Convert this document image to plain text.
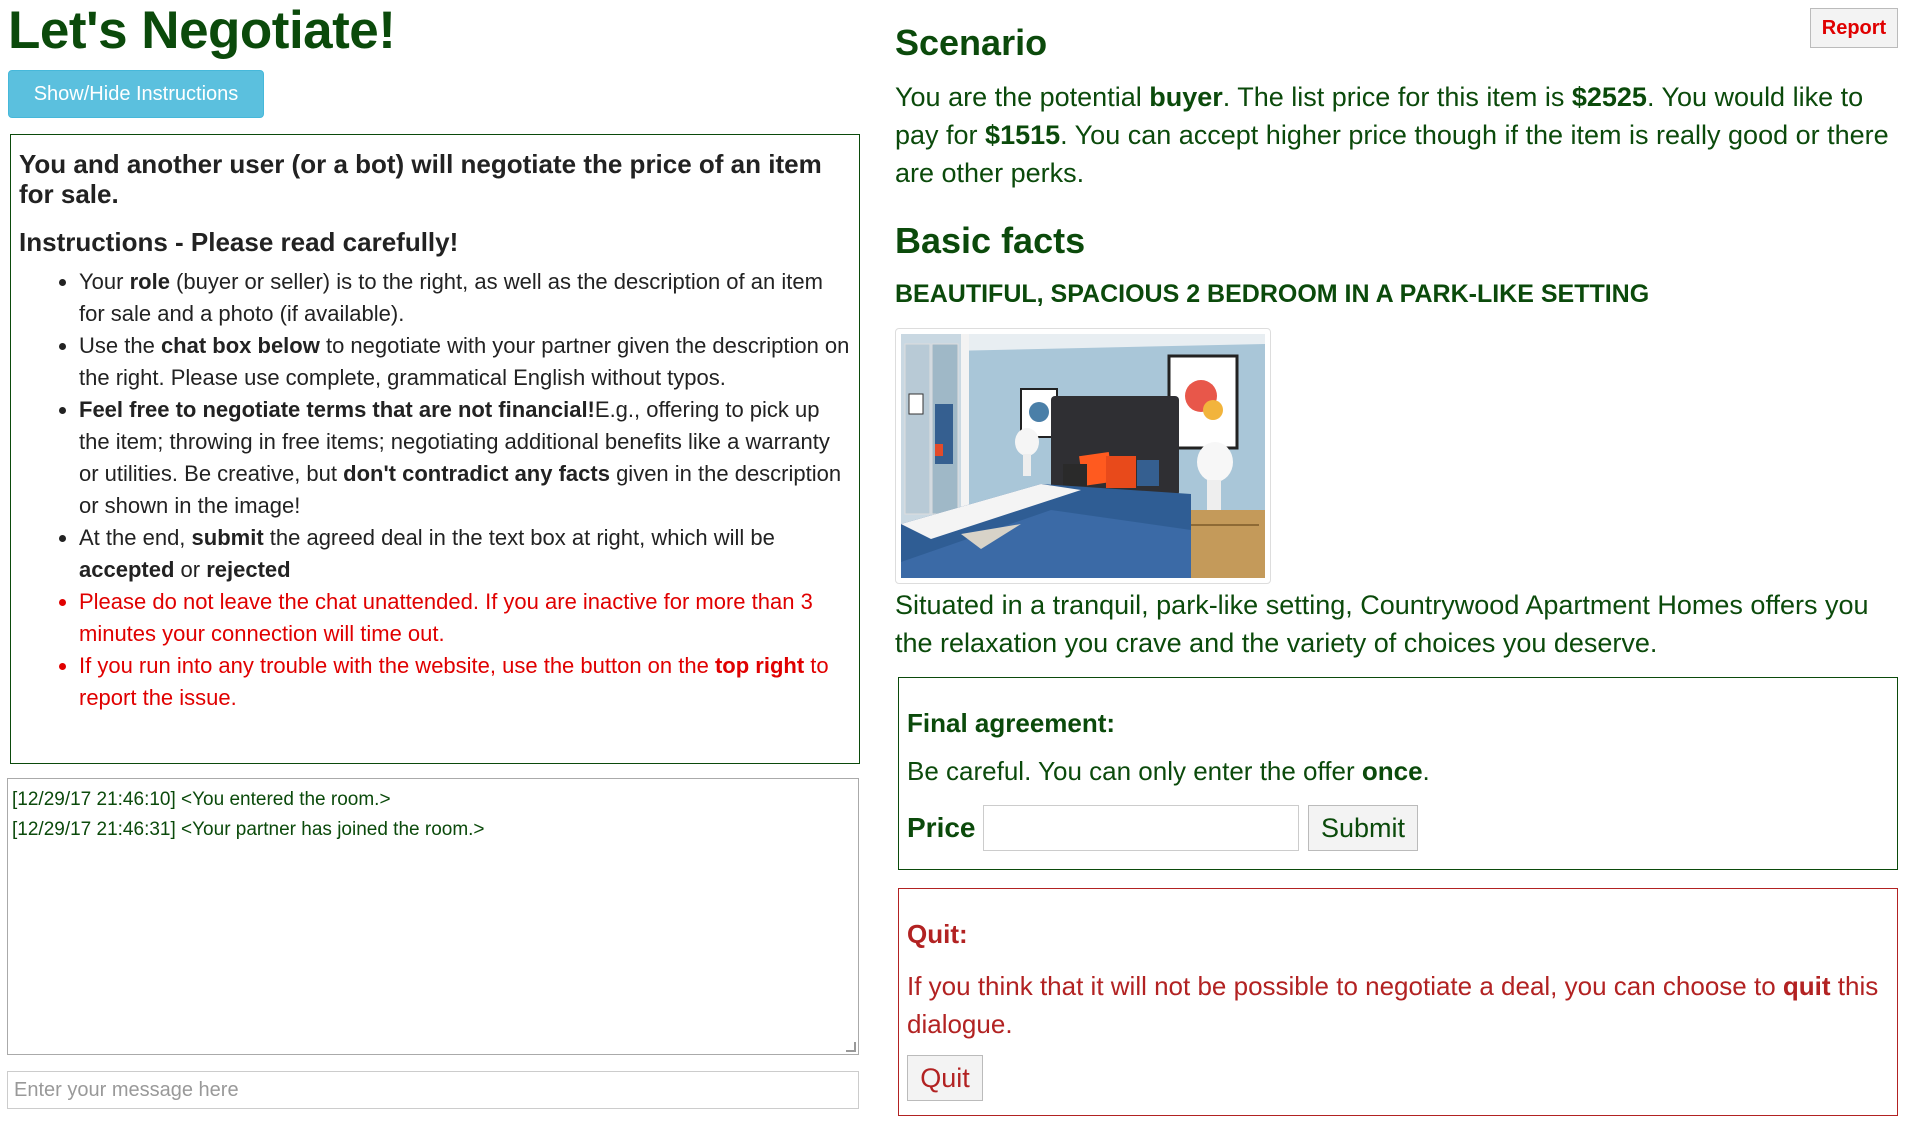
Let's Negotiate!
Show/Hide Instructions
You and another user (or a bot) will negotiate the price of an item for sale.
Instructions - Please read carefully!
• Your role (buyer or seller) is to the right, as well as the description of an item for sale and a photo (if available).
• Use the chat box below to negotiate with your partner given the description on the right. Please use complete, grammatical English without typos.
• Feel free to negotiate terms that are not financial!E.g., offering to pick up the item; throwing in free items; negotiating additional benefits like a warranty or utilities. Be creative, but don't contradict any facts given in the description or shown in the image!
• At the end, submit the agreed deal in the text box at right, which will be accepted or rejected
• Please do not leave the chat unattended. If you are inactive for more than 3 minutes your connection will time out.
• If you run into any trouble with the website, use the button on the top right to report the issue.
[12/29/17 21:46:10] <You entered the room.>
[12/29/17 21:46:31] <Your partner has joined the room.>
Enter your message here
Report
Scenario

You are the potential buyer. The list price for this item is $2525. You would like to pay for $1515. You can accept higher price though if the item is really good or there are other perks.

Basic facts
BEAUTIFUL, SPACIOUS 2 BEDROOM IN A PARK-LIKE SETTING

Situated in a tranquil, park-like setting, Countrywood Apartment Homes offers you the relaxation you crave and the variety of choices you deserve.

Final agreement:
Be careful. You can only enter the offer once.
Price	Submit
Quit:

If you think that it will not be possible to negotiate a deal, you can choose to quit this dialogue.

Quit
